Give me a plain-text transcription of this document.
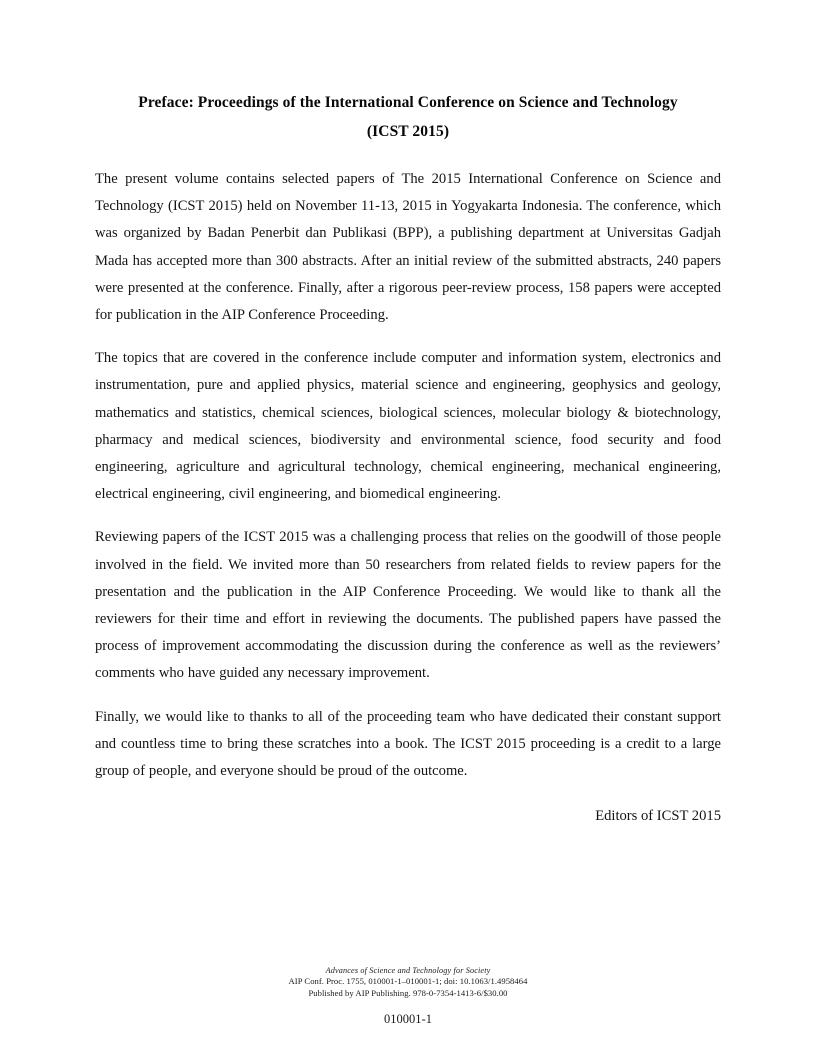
Preface: Proceedings of the International Conference on Science and Technology (ICST 2015)

The present volume contains selected papers of The 2015 International Conference on Science and Technology (ICST 2015) held on November 11-13, 2015 in Yogyakarta Indonesia. The conference, which was organized by Badan Penerbit dan Publikasi (BPP), a publishing department at Universitas Gadjah Mada has accepted more than 300 abstracts. After an initial review of the submitted abstracts, 240 papers were presented at the conference. Finally, after a rigorous peer-review process, 158 papers were accepted for publication in the AIP Conference Proceeding.

The topics that are covered in the conference include computer and information system, electronics and instrumentation, pure and applied physics, material science and engineering, geophysics and geology, mathematics and statistics, chemical sciences, biological sciences, molecular biology & biotechnology, pharmacy and medical sciences, biodiversity and environmental science, food security and food engineering, agriculture and agricultural technology, chemical engineering, mechanical engineering, electrical engineering, civil engineering, and biomedical engineering.

Reviewing papers of the ICST 2015 was a challenging process that relies on the goodwill of those people involved in the field. We invited more than 50 researchers from related fields to review papers for the presentation and the publication in the AIP Conference Proceeding. We would like to thank all the reviewers for their time and effort in reviewing the documents. The published papers have passed the process of improvement accommodating the discussion during the conference as well as the reviewers’ comments who have guided any necessary improvement.

Finally, we would like to thanks to all of the proceeding team who have dedicated their constant support and countless time to bring these scratches into a book. The ICST 2015 proceeding is a credit to a large group of people, and everyone should be proud of the outcome.

Editors of ICST 2015

Advances of Science and Technology for Society

AIP Conf. Proc. 1755, 010001-1–010001-1; doi: 10.1063/1.4958464

Published by AIP Publishing. 978-0-7354-1413-6/$30.00

010001-1
